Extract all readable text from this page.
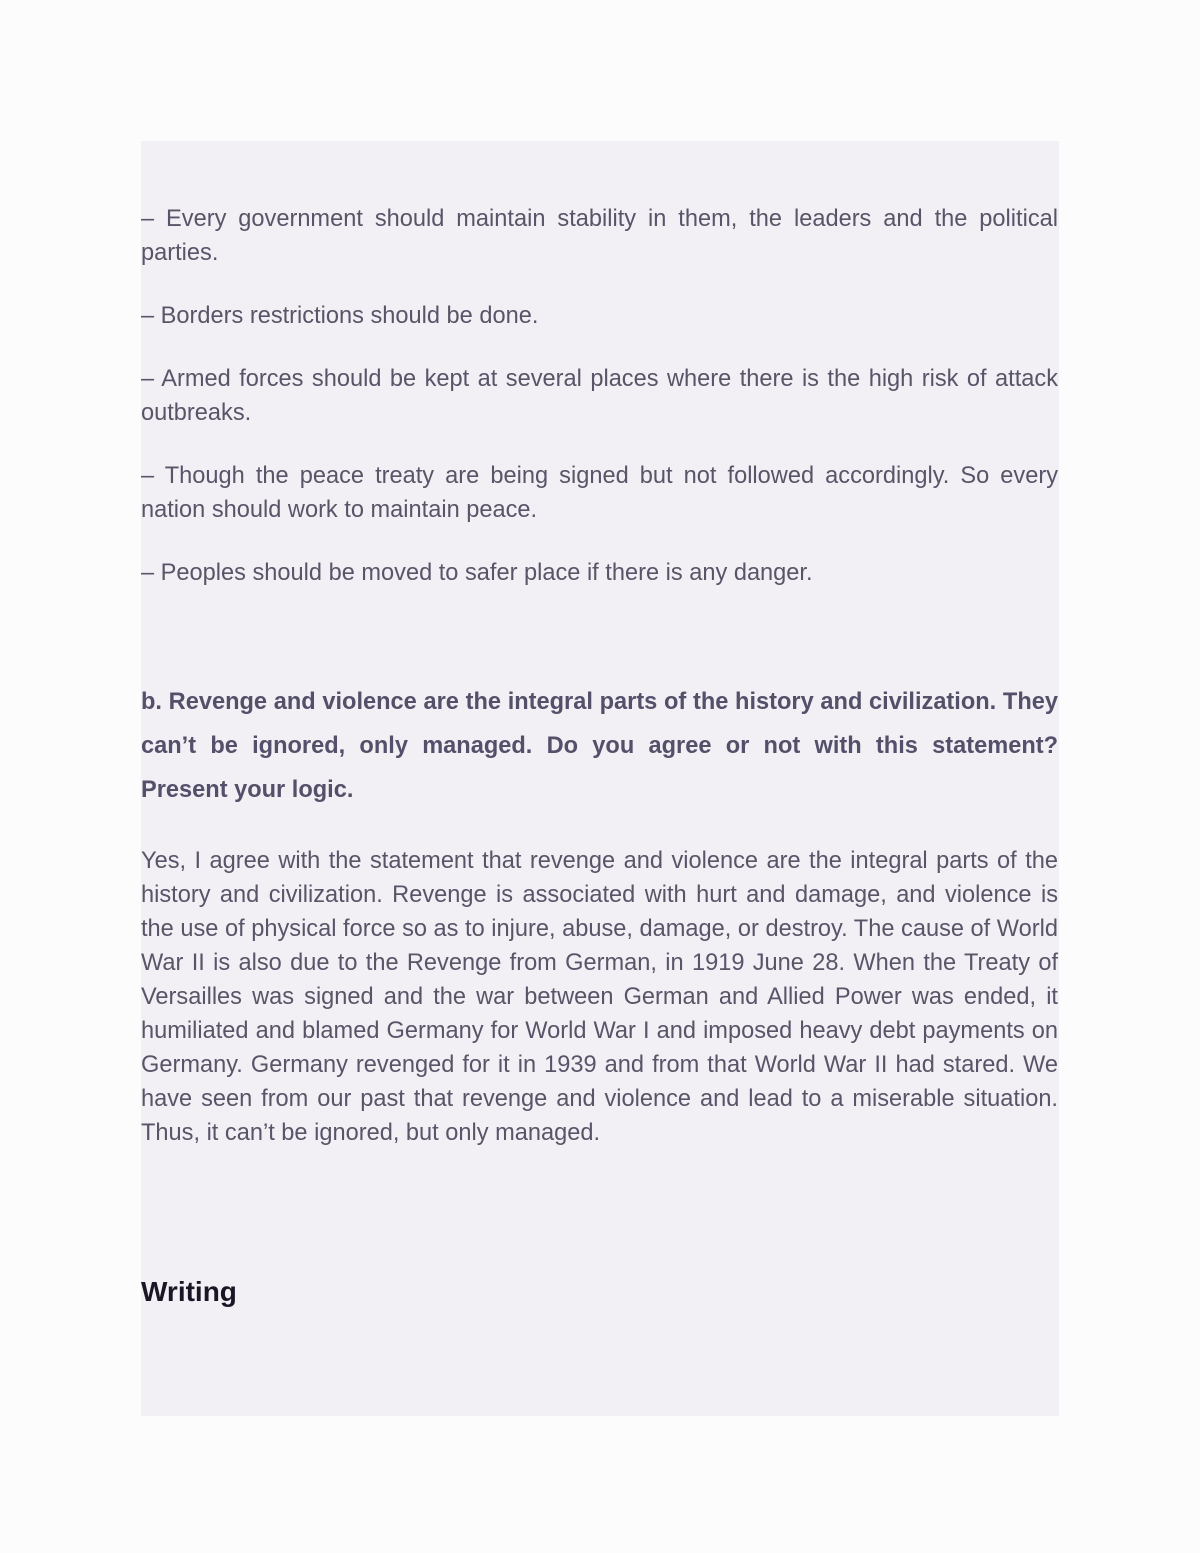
– Every government should maintain stability in them, the leaders and the political parties.

– Borders restrictions should be done.

– Armed forces should be kept at several places where there is the high risk of attack outbreaks.

– Though the peace treaty are being signed but not followed accordingly. So every nation should work to maintain peace.

– Peoples should be moved to safer place if there is any danger.

b. Revenge and violence are the integral parts of the history and civilization. They can’t be ignored, only managed. Do you agree or not with this statement? Present your logic.

Yes, I agree with the statement that revenge and violence are the integral parts of the history and civilization. Revenge is associated with hurt and damage, and violence is the use of physical force so as to injure, abuse, damage, or destroy. The cause of World War II is also due to the Revenge from German, in 1919 June 28. When the Treaty of Versailles was signed and the war between German and Allied Power was ended, it humiliated and blamed Germany for World War I and imposed heavy debt payments on Germany. Germany revenged for it in 1939 and from that World War II had stared. We have seen from our past that revenge and violence and lead to a miserable situation. Thus, it can’t be ignored, but only managed.

Writing
